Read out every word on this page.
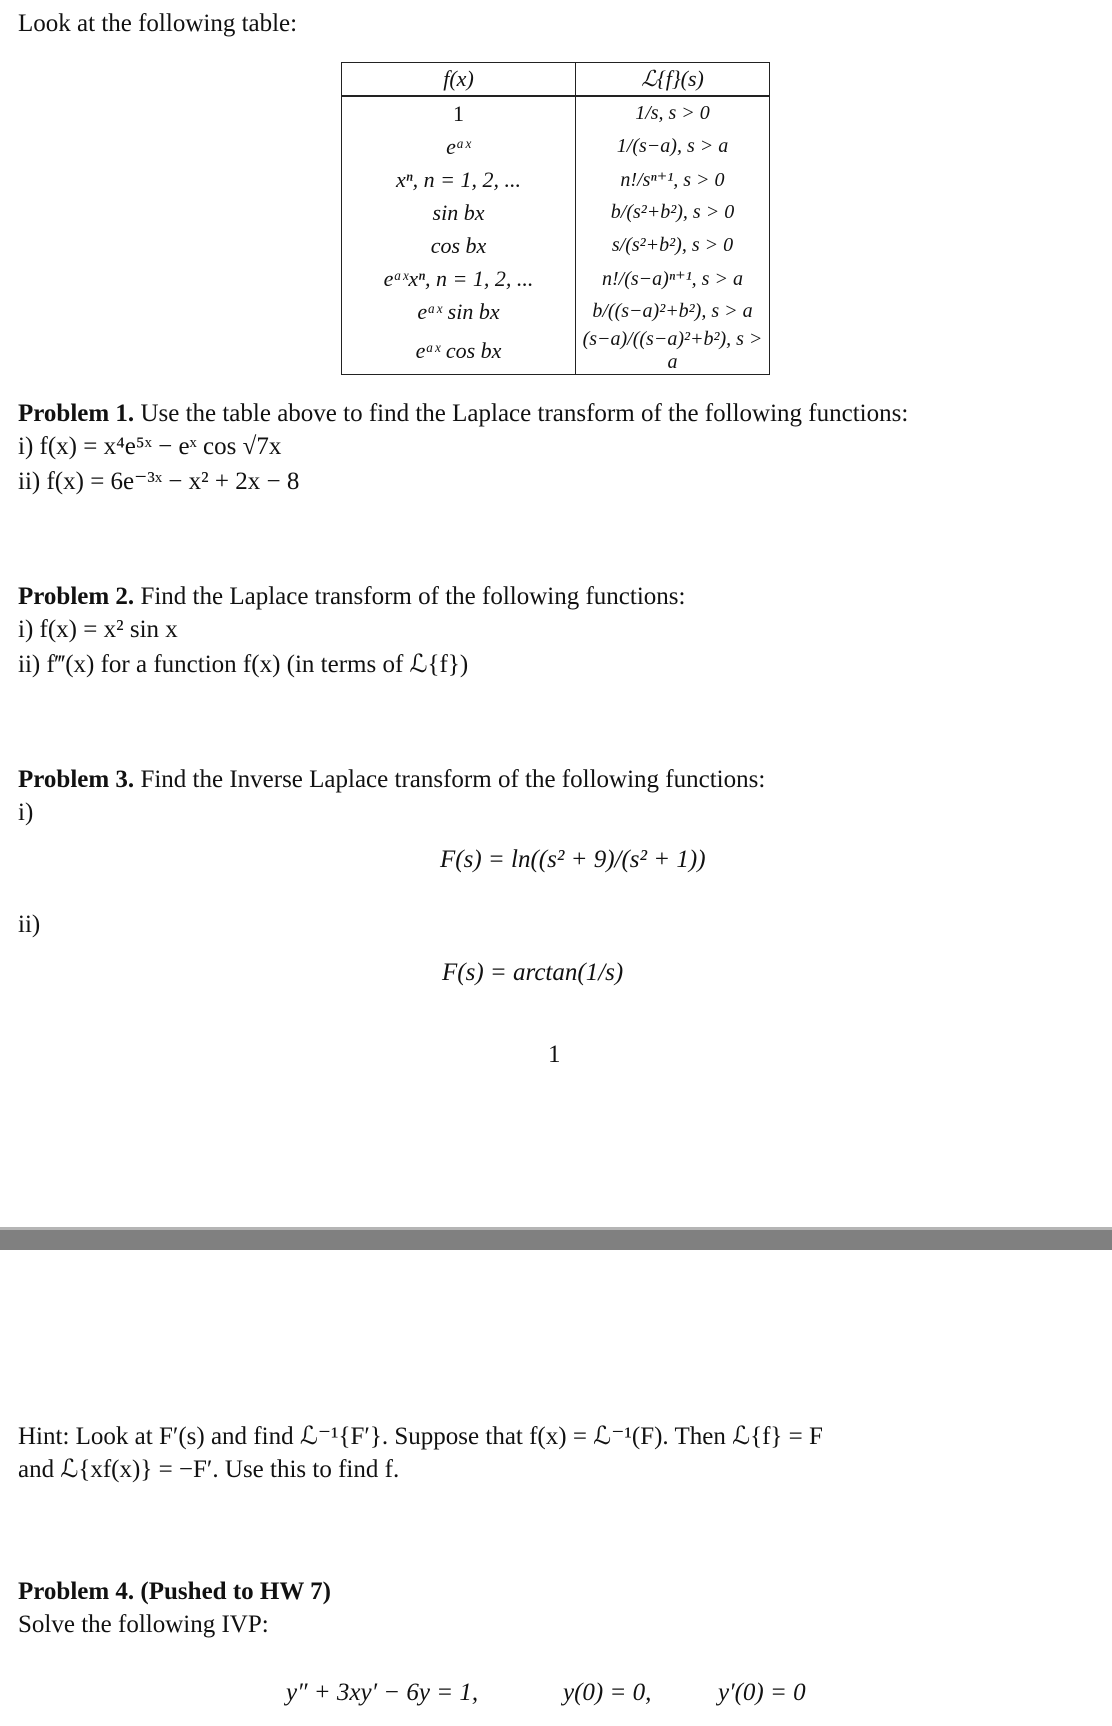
Look at the following table:
f(x)	ℒ{f}(s)
1	1/s, s > 0
eᵃˣ	1/(s−a), s > a
xⁿ, n = 1, 2, ...	n!/sⁿ⁺¹, s > 0
sin bx	b/(s²+b²), s > 0
cos bx	s/(s²+b²), s > 0
eᵃˣxⁿ, n = 1, 2, ...	n!/(s−a)ⁿ⁺¹, s > a
eᵃˣ sin bx	b/((s−a)²+b²), s > a
eᵃˣ cos bx	(s−a)/((s−a)²+b²), s > a
Problem 1. Use the table above to find the Laplace transform of the following functions:
i) f(x) = x⁴e⁵ˣ − eˣ cos √7x
ii) f(x) = 6e⁻³ˣ − x² + 2x − 8
Problem 2. Find the Laplace transform of the following functions:
i) f(x) = x² sin x
ii) f‴(x) for a function f(x) (in terms of ℒ{f})
Problem 3. Find the Inverse Laplace transform of the following functions:
i)
F(s) = ln((s² + 9)/(s² + 1))
ii)
F(s) = arctan(1/s)
1
Hint: Look at F′(s) and find ℒ⁻¹{F′}. Suppose that f(x) = ℒ⁻¹(F). Then ℒ{f} = F
and ℒ{xf(x)} = −F′. Use this to find f.
Problem 4. (Pushed to HW 7)
Solve the following IVP:
y″ + 3xy′ − 6y = 1,	y(0) = 0,	y′(0) = 0
